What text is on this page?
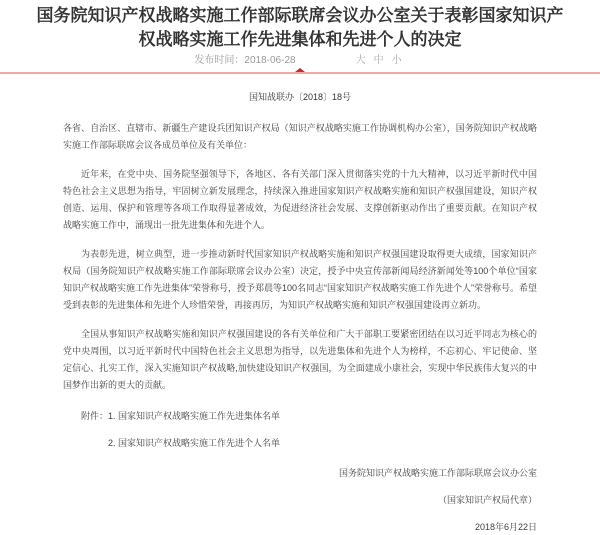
国务院知识产权战略实施工作部际联席会议办公室关于表彰国家知识产权战略实施工作先进集体和先进个人的决定
发布时间：2018-06-28	大 中 小

国知战联办〔2018〕18号

各省、自治区、直辖市、新疆生产建设兵团知识产权局（知识产权战略实施工作协调机构办公室），国务院知识产权战略实施工作部际联席会议各成员单位及有关单位：

近年来，在党中央、国务院坚强领导下，各地区、各有关部门深入贯彻落实党的十九大精神，以习近平新时代中国特色社会主义思想为指导，牢固树立新发展理念，持续深入推进国家知识产权战略实施和知识产权强国建设，知识产权创造、运用、保护和管理等各项工作取得显著成效，为促进经济社会发展、支撑创新驱动作出了重要贡献。在知识产权战略实施工作中，涌现出一批先进集体和先进个人。

为表彰先进，树立典型，进一步推动新时代国家知识产权战略实施和知识产权强国建设取得更大成绩，国家知识产权局（国务院知识产权战略实施工作部际联席会议办公室）决定，授予中央宣传部新闻局经济新闻处等100个单位“国家知识产权战略实施工作先进集体”荣誉称号，授予郑晨等100名同志“国家知识产权战略实施工作先进个人”荣誉称号。希望受到表彰的先进集体和先进个人珍惜荣誉，再接再厉，为知识产权战略实施和知识产权强国建设再立新功。

全国从事知识产权战略实施和知识产权强国建设的各有关单位和广大干部职工要紧密团结在以习近平同志为核心的党中央周围，以习近平新时代中国特色社会主义思想为指导，以先进集体和先进个人为榜样，不忘初心、牢记使命、坚定信心、扎实工作，深入实施知识产权战略,加快建设知识产权强国，为全面建成小康社会，实现中华民族伟大复兴的中国梦作出新的更大的贡献。

附件：1. 国家知识产权战略实施工作先进集体名单

2. 国家知识产权战略实施工作先进个人名单

国务院知识产权战略实施工作部际联席会议办公室

（国家知识产权局代章）

2018年6月22日
